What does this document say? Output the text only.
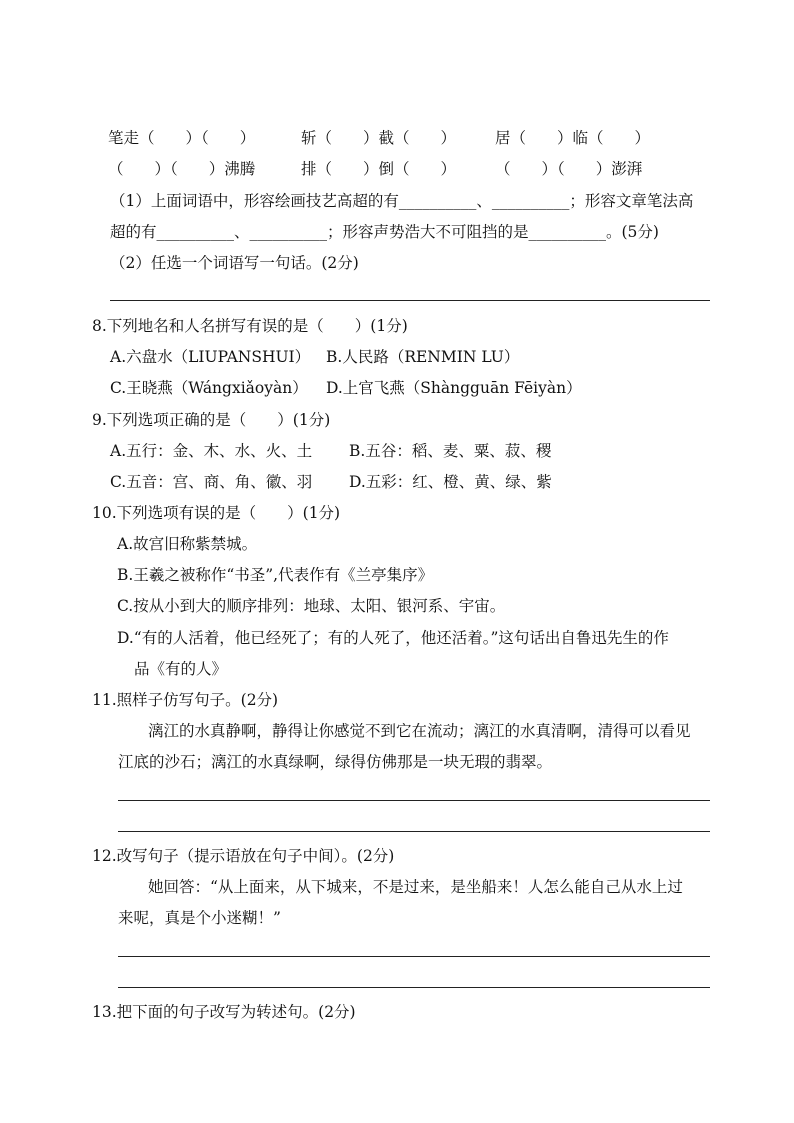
笔走（　　）（　　）	斩（　　）截（　　）	居（　　）临（　　）
（　　）（　　）沸腾	排（　　）倒（　　）	（　　）（　　）澎湃
（1）上面词语中，形容绘画技艺高超的有__________、__________；形容文章笔法高
超的有__________、__________；形容声势浩大不可阻挡的是__________。(5分)
（2）任选一个词语写一句话。(2分)
8.下列地名和人名拼写有误的是（　　）(1分)
A.六盘水（LIUPANSHUI） B.人民路（RENMIN LU）
C.王晓燕（Wángxiǎoyàn） D.上官飞燕（Shàngguān Fēiyàn）
9.下列选项正确的是（　　）(1分)
A.五行：金、木、水、火、土 B.五谷：稻、麦、粟、菽、稷
C.五音：宫、商、角、徽、羽 D.五彩：红、橙、黄、绿、紫
10.下列选项有误的是（　　）(1分)
A.故宫旧称紫禁城。
B.王羲之被称作“书圣”,代表作有《兰亭集序》
C.按从小到大的顺序排列：地球、太阳、银河系、宇宙。
D.“有的人活着，他已经死了；有的人死了，他还活着。”这句话出自鲁迅先生的作
品《有的人》
11.照样子仿写句子。(2分)
漓江的水真静啊，静得让你感觉不到它在流动；漓江的水真清啊，清得可以看见
江底的沙石；漓江的水真绿啊，绿得仿佛那是一块无瑕的翡翠。
12.改写句子（提示语放在句子中间）。(2分)
她回答：“从上面来，从下城来，不是过来，是坐船来！人怎么能自己从水上过
来呢，真是个小迷糊！”
13.把下面的句子改写为转述句。(2分)
